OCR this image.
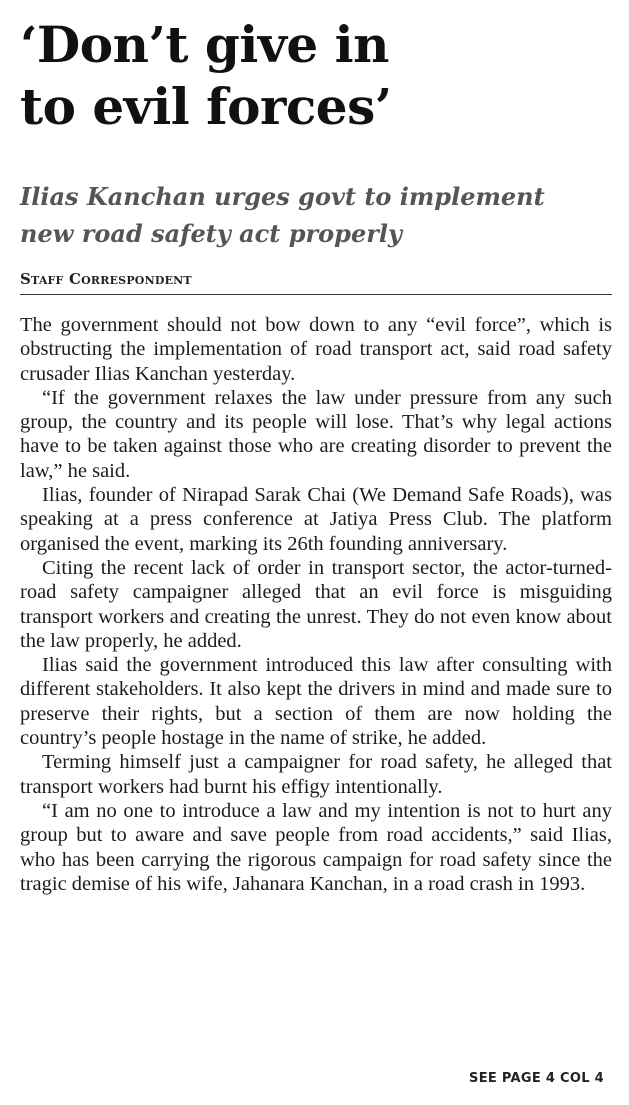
‘Don’t give in
to evil forces’
Ilias Kanchan urges govt to implement
new road safety act properly
Staff Correspondent

The government should not bow down to any “evil force”, which is obstructing the implementation of road transport act, said road safety crusader Ilias Kanchan yesterday.

“If the government relaxes the law under pressure from any such group, the country and its people will lose. That’s why legal actions have to be taken against those who are creating disorder to prevent the law,” he said.

Ilias, founder of Nirapad Sarak Chai (We Demand Safe Roads), was speaking at a press conference at Jatiya Press Club. The platform organised the event, marking its 26th founding anniversary.

Citing the recent lack of order in transport sector, the actor-turned-road safety campaigner alleged that an evil force is misguiding transport workers and creating the unrest. They do not even know about the law properly, he added.

Ilias said the government introduced this law after consulting with different stakeholders. It also kept the drivers in mind and made sure to preserve their rights, but a section of them are now holding the country’s people hostage in the name of strike, he added.

Terming himself just a campaigner for road safety, he alleged that transport workers had burnt his effigy intentionally.

“I am no one to introduce a law and my intention is not to hurt any group but to aware and save people from road accidents,” said Ilias, who has been carrying the rigorous campaign for road safety since the tragic demise of his wife, Jahanara Kanchan, in a road crash in 1993.

SEE PAGE 4 COL 4
